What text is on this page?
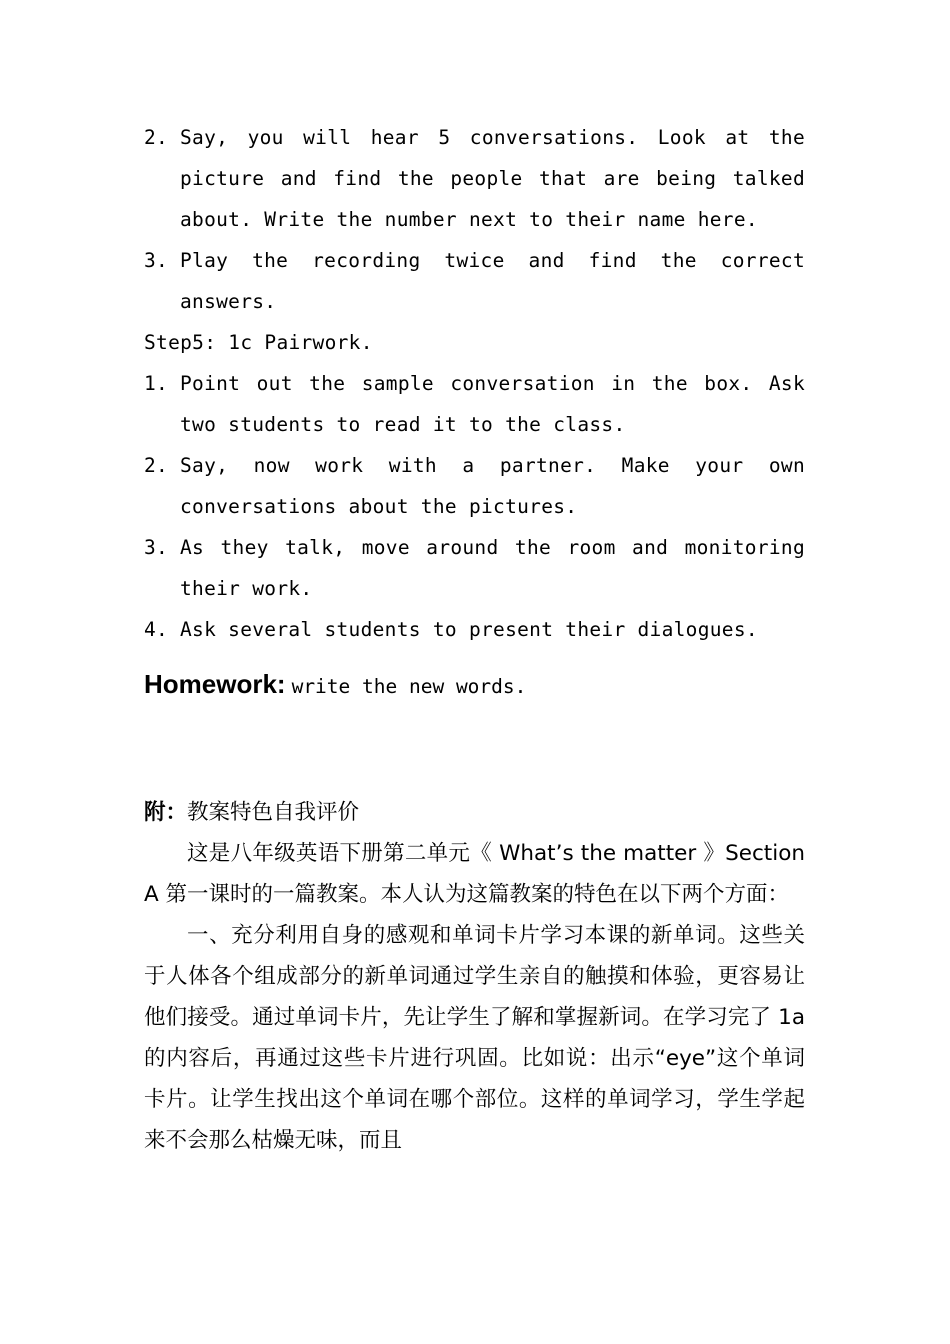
2. Say, you will hear 5 conversations. Look at the picture and find the people that are being talked about. Write the number next to their name here.
3. Play the recording twice and find the correct answers.
Step5: 1c Pairwork.
1. Point out the sample conversation in the box. Ask two students to read it to the class.
2. Say, now work with a partner. Make your own conversations about the pictures.
3. As they talk, move around the room and monitoring their work.
4. Ask several students to present their dialogues.
Homework: write the new words.
附：教案特色自我评价

这是八年级英语下册第二单元《 What’s the matter 》Section A 第一课时的一篇教案。本人认为这篇教案的特色在以下两个方面：

一、充分利用自身的感观和单词卡片学习本课的新单词。这些关于人体各个组成部分的新单词通过学生亲自的触摸和体验，更容易让他们接受。通过单词卡片，先让学生了解和掌握新词。在学习完了 1a 的内容后，再通过这些卡片进行巩固。比如说：出示“eye”这个单词卡片。让学生找出这个单词在哪个部位。这样的单词学习，学生学起来不会那么枯燥无味，而且
